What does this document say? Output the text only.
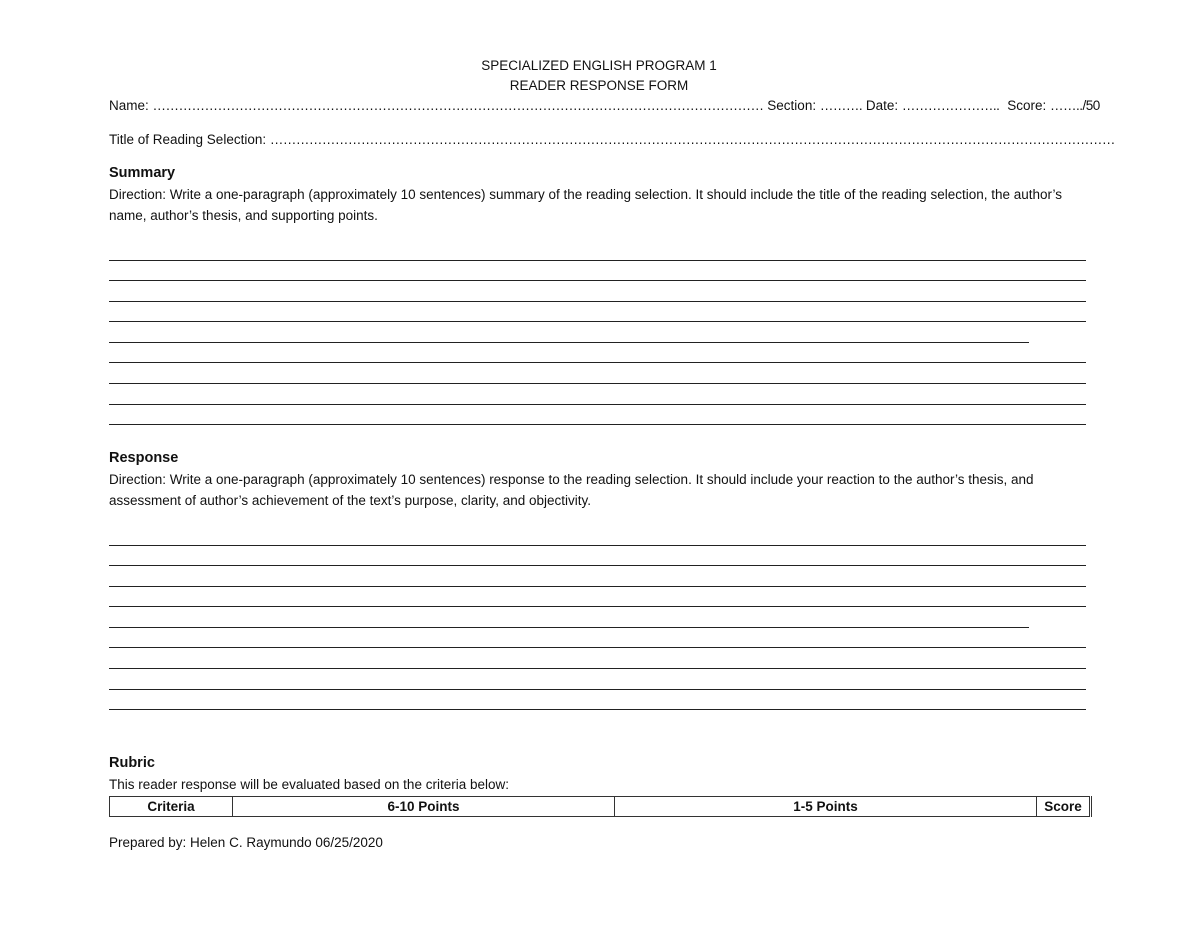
SPECIALIZED ENGLISH PROGRAM 1
READER RESPONSE FORM
Name: …………………………………………………………………………………………………………………………… Section: ………. Date: ………………….. Score: ……../50
Title of Reading Selection: ……………………………………………………………………………………………………………………………………………………………………………
Summary
Direction: Write a one-paragraph (approximately 10 sentences) summary of the reading selection. It should include the title of the reading selection, the author’s name, author’s thesis, and supporting points.
Response
Direction: Write a one-paragraph (approximately 10 sentences) response to the reading selection. It should include your reaction to the author’s thesis, and assessment of author’s achievement of the text’s purpose, clarity, and objectivity.
Rubric
This reader response will be evaluated based on the criteria below:
Criteria	6-10 Points	1-5 Points	Score
Prepared by: Helen C. Raymundo 06/25/2020
